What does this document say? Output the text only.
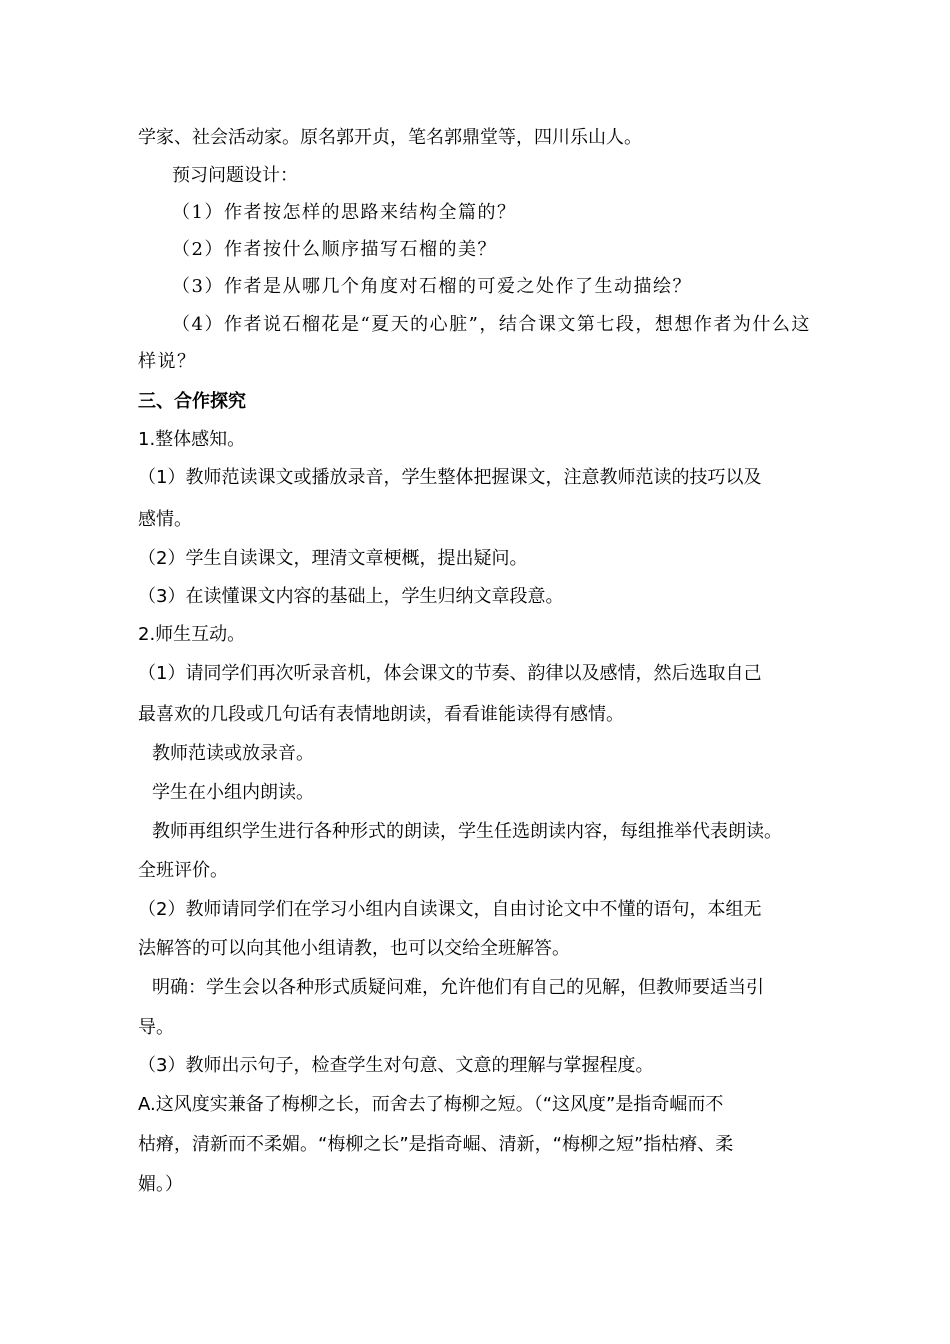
学家、社会活动家。原名郭开贞，笔名郭鼎堂等，四川乐山人。
预习问题设计：
（1）作者按怎样的思路来结构全篇的？
（2）作者按什么顺序描写石榴的美？
（3）作者是从哪几个角度对石榴的可爱之处作了生动描绘？
（4）作者说石榴花是“夏天的心脏”，结合课文第七段，想想作者为什么这
样说？
三、合作探究
1.整体感知。
（1）教师范读课文或播放录音，学生整体把握课文，注意教师范读的技巧以及
感情。
（2）学生自读课文，理清文章梗概，提出疑问。
（3）在读懂课文内容的基础上，学生归纳文章段意。
2.师生互动。
（1）请同学们再次听录音机，体会课文的节奏、韵律以及感情，然后选取自己
最喜欢的几段或几句话有表情地朗读，看看谁能读得有感情。
教师范读或放录音。
学生在小组内朗读。
教师再组织学生进行各种形式的朗读，学生任选朗读内容，每组推举代表朗读。
全班评价。
（2）教师请同学们在学习小组内自读课文，自由讨论文中不懂的语句，本组无
法解答的可以向其他小组请教，也可以交给全班解答。
明确：学生会以各种形式质疑问难，允许他们有自己的见解，但教师要适当引
导。
（3）教师出示句子，检查学生对句意、文意的理解与掌握程度。
A.这风度实兼备了梅柳之长，而舍去了梅柳之短。（“这风度”是指奇崛而不
枯瘠，清新而不柔媚。“梅柳之长”是指奇崛、清新，“梅柳之短”指枯瘠、柔
媚。）
